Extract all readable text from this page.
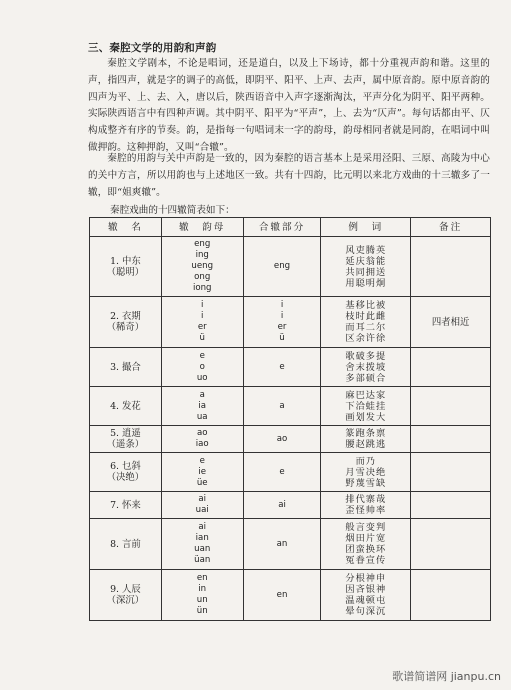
三、秦腔文学的用韵和声韵
秦腔文学剧本，不论是唱词，还是道白，以及上下场诗，都十分重视声韵和谐。这里的声，指四声，就是字的调子的高低，即阴平、阳平、上声、去声，属中原音韵。原中原音韵的四声为平、上、去、入，唐以后，陕西语音中入声字逐渐淘汰，平声分化为阴平、阳平两种。实际陕西语言中有四种声调。其中阴平、阳平为“平声”，上、去为“仄声”。每句话都由平、仄构成整齐有序的节奏。韵，是指每一句唱词末一字的韵母，韵母相同者就是同韵，在唱词中叫做押韵。这种押韵，又叫“合辙”。
秦腔的用韵与关中声韵是一致的，因为秦腔的语言基本上是采用泾阳、三原、高陵为中心的关中方言，所以用韵也与上述地区一致。共有十四韵，比元明以来北方戏曲的十三辙多了一辙，即“姐爽辙”。
秦腔戏曲的十四辙简表如下：
辙　名	辙　韵母	合辙部分	例　词	备注

1. 中东
（聪明）	eng
ing
ueng
ong
iong	eng	风吏腾英
延庆翁能
共同拥送
用聪明炯	

2. 衣期
（稀奇）	i
i
er
ü	i
i
er
ü	基移比被
枝时此雌
而耳二尔
区余许徐	四者相近

3. 撮合	e
o
uo	e	歌破多提
舍末拨坡
多部硕合	

4. 发花	a
ia
ua	a	麻巴达家
下洽蛙挂
画划发大	

5. 逍遥
（遥条）	ao
iao	ao	篆跑条禀
腰赵跳逃	

6. 乜斜
（决绝）	e
ie
üe	e	而乃
月雪决绝
野蔑雪缺	

7. 怀来	ai
uai	ai	排代寨哉
歪怪帅率	

8. 言前	ai
ian
uan
üan	an	般言变判
烟田片宽
团蛮换环
冤眷宣传	

9. 人辰
（深沉）	en
in
un
ün	en	分根神申
因吝银神
温魂顿屯
晕句深沉	

歌谱简谱网 jianpu.cn
